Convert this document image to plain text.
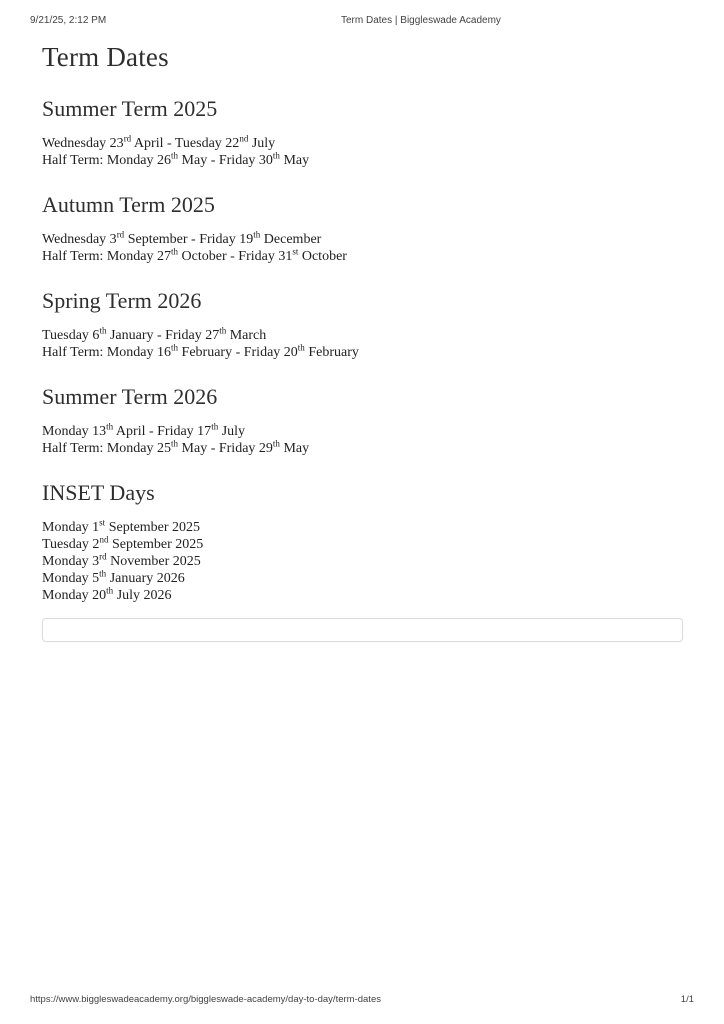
9/21/25, 2:12 PM	Term Dates | Biggleswade Academy
Term Dates
Summer Term 2025

Wednesday 23rd April - Tuesday 22nd July
Half Term: Monday 26th May - Friday 30th May

Autumn Term 2025

Wednesday 3rd September - Friday 19th December
Half Term: Monday 27th October - Friday 31st October

Spring Term 2026

Tuesday 6th January - Friday 27th March
Half Term: Monday 16th February - Friday 20th February

Summer Term 2026

Monday 13th April - Friday 17th July
Half Term: Monday 25th May - Friday 29th May

INSET Days

Monday 1st September 2025
Tuesday 2nd September 2025
Monday 3rd November 2025
Monday 5th January 2026
Monday 20th July 2026

https://www.biggleswadeacademy.org/biggleswade-academy/day-to-day/term-dates	1/1
